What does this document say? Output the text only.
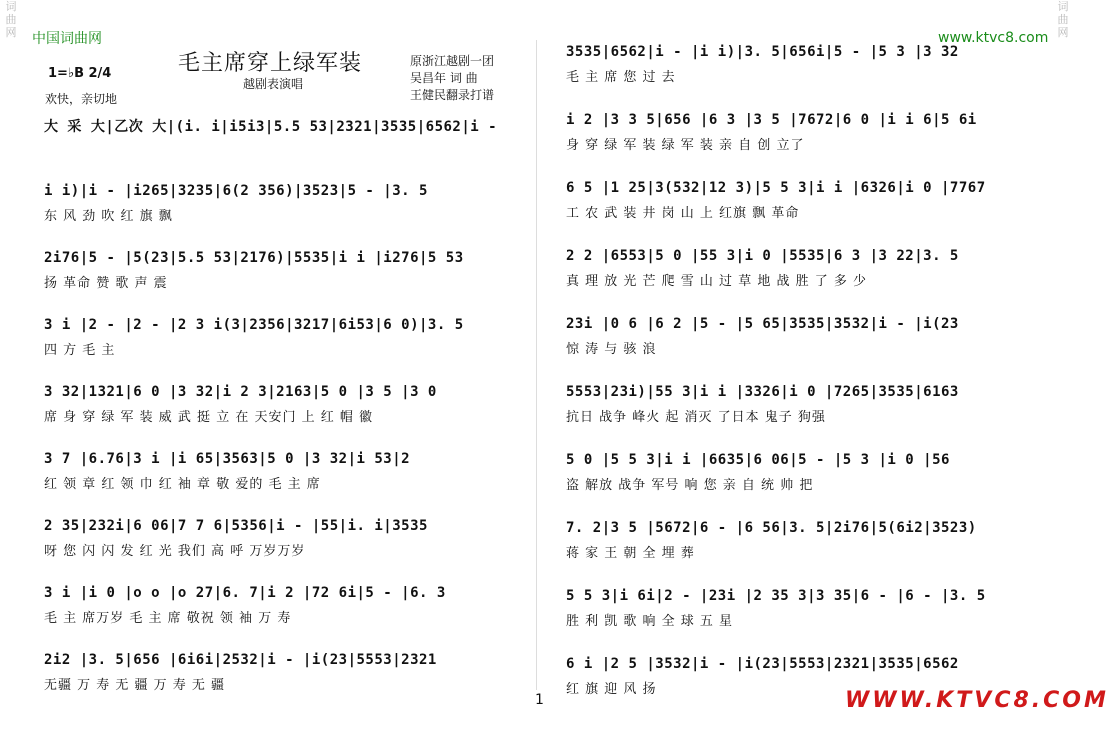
词曲网
词曲网
中国词曲网	www.ktvc8.com
毛主席穿上绿军装
越剧表演唱
1=♭B 2/4
欢快，亲切地
原浙江越剧一团
吴昌年 词 曲
王健民翻录打谱
大 采 大|乙次 大|(i. i|i5i3|5.5 53|2321|3535|6562|i -
i i)|i - |i265|3235|6(2 356)|3523|5 - |3. 5
东 风 劲 吹 红 旗 飘
2i76|5 - |5(23|5.5 53|2176)|5535|i i |i276|5 53
扬 革命 赞 歌 声 震
3 i |2 - |2 - |2 3 i(3|2356|3217|6i53|6 0)|3. 5
四 方 毛 主
3 32|1321|6 0 |3 32|i 2 3|2163|5 0 |3 5 |3 0
席 身 穿 绿 军 装 威 武 挺 立 在 天安门 上 红 帽 徽
3 7 |6.76|3 i |i 65|3563|5 0 |3 32|i 53|2
红 领 章 红 领 巾 红 袖 章 敬 爱的 毛 主 席
2 35|232i|6 06|7 7 6|5356|i - |55|i. i|3535
呀 您 闪 闪 发 红 光 我们 高 呼 万岁万岁
3 i |i 0 |o o |o 27|6. 7|i 2 |72 6i|5 - |6. 3
毛 主 席万岁 毛 主 席 敬祝 领 袖 万 寿
2i2 |3. 5|656 |6i6i|2532|i - |i(23|5553|2321
无疆 万 寿 无 疆 万 寿 无 疆
3535|6562|i - |i i)|3. 5|656i|5 - |5 3 |3 32
毛 主 席 您 过 去
i 2 |3 3 5|656 |6 3 |3 5 |7672|6 0 |i i 6|5 6i
身 穿 绿 军 装 绿 军 装 亲 自 创 立了
6 5 |1 25|3(532|12 3)|5 5 3|i i |6326|i 0 |7767
工 农 武 装 井 岗 山 上 红旗 飘 革命
2 2 |6553|5 0 |55 3|i 0 |5535|6 3 |3 22|3. 5
真 理 放 光 芒 爬 雪 山 过 草 地 战 胜 了 多 少
23i |0 6 |6 2 |5 - |5 65|3535|3532|i - |i(23
惊 涛 与 骇 浪
5553|23i)|55 3|i i |3326|i 0 |7265|3535|6163
抗日 战争 峰火 起 消灭 了日本 鬼子 狗强
5 0 |5 5 3|i i |6635|6 06|5 - |5 3 |i 0 |56
盗 解放 战争 军号 响 您 亲 自 统 帅 把
7. 2|3 5 |5672|6 - |6 56|3. 5|2i76|5(6i2|3523)
蒋 家 王 朝 全 埋 葬
5 5 3|i 6i|2 - |23i |2 35 3|3 35|6 - |6 - |3. 5
胜 利 凯 歌 响 全 球 五 星
6 i |2 5 |3532|i - |i(23|5553|2321|3535|6562
红 旗 迎 风 扬
1	WWW.KTVC8.COM
